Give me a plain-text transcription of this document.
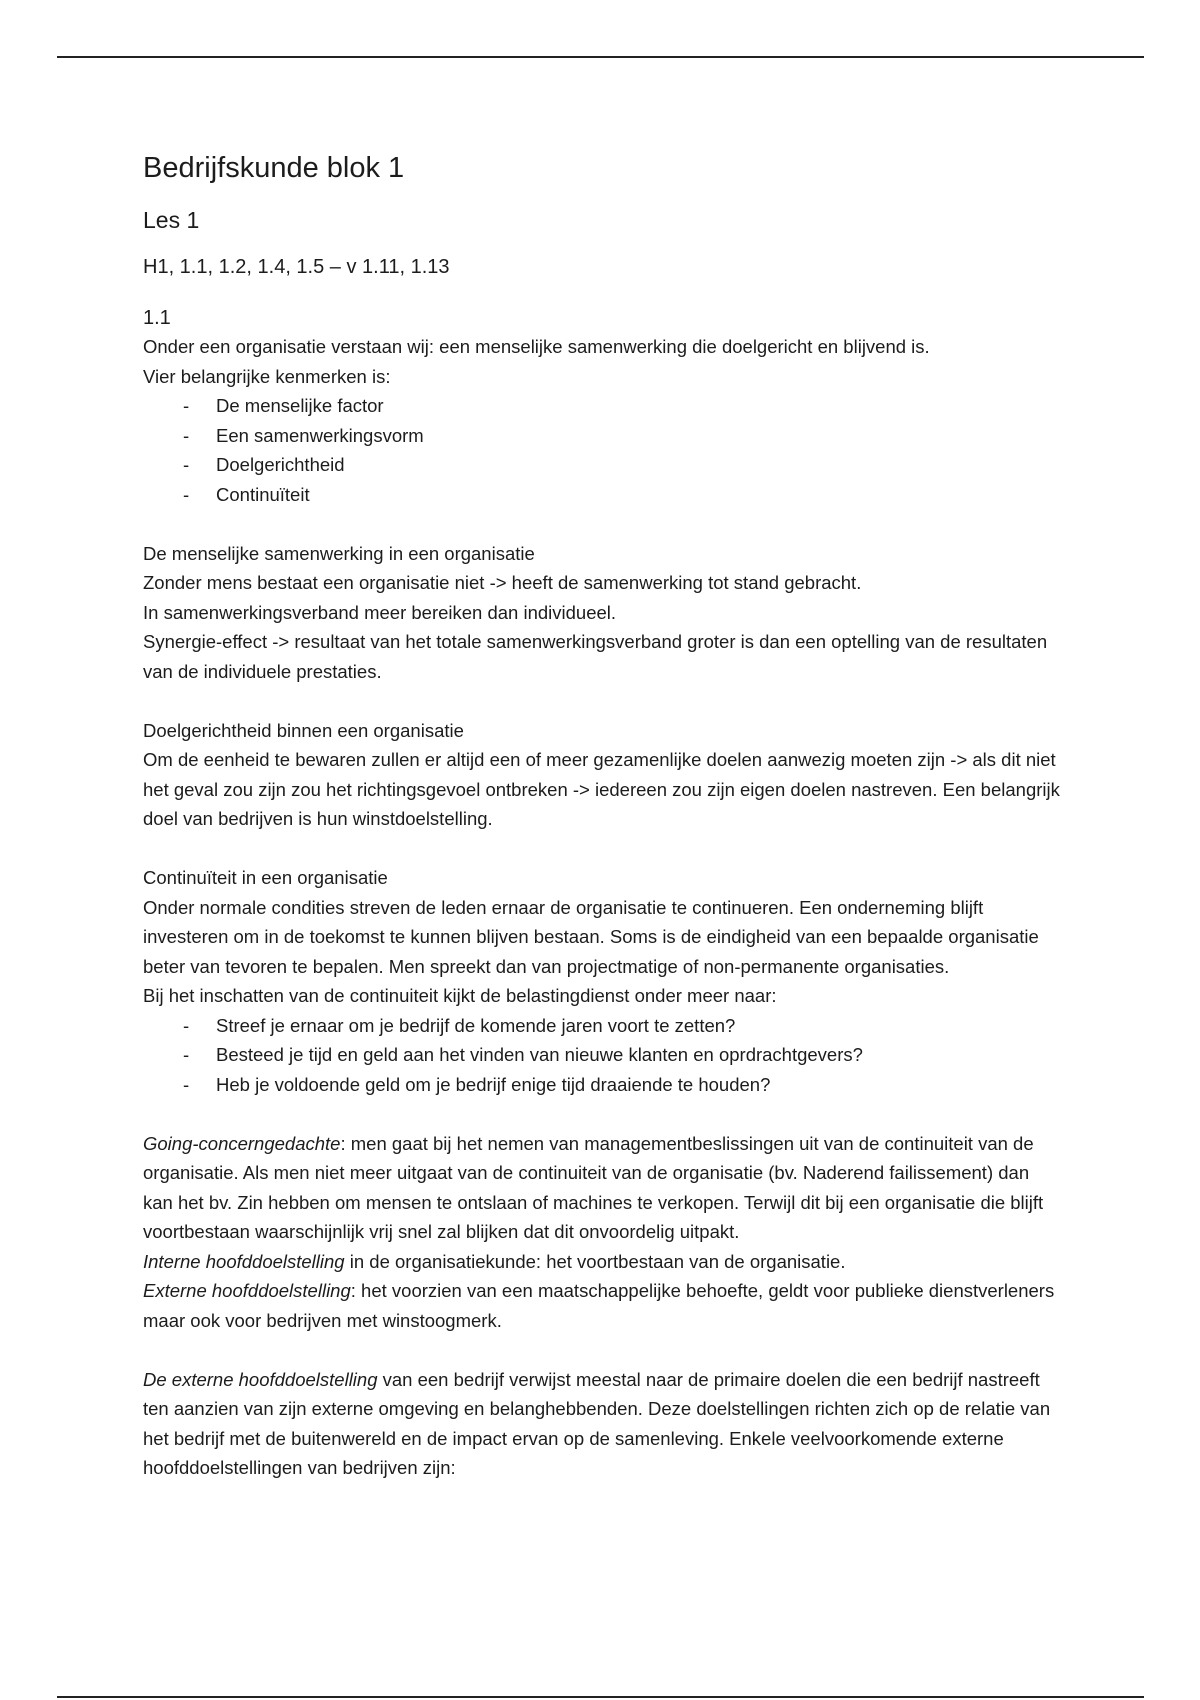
Bedrijfskunde blok 1
Les 1
H1, 1.1, 1.2, 1.4, 1.5 – v 1.11, 1.13
1.1

Onder een organisatie verstaan wij: een menselijke samenwerking die doelgericht en blijvend is.

Vier belangrijke kenmerken is:

- De menselijke factor
- Een samenwerkingsvorm
- Doelgerichtheid
- Continuïteit
De menselijke samenwerking in een organisatie

Zonder mens bestaat een organisatie niet -> heeft de samenwerking tot stand gebracht.

In samenwerkingsverband meer bereiken dan individueel.

Synergie-effect -> resultaat van het totale samenwerkingsverband groter is dan een optelling van de resultaten van de individuele prestaties.

Doelgerichtheid binnen een organisatie

Om de eenheid te bewaren zullen er altijd een of meer gezamenlijke doelen aanwezig moeten zijn -> als dit niet het geval zou zijn zou het richtingsgevoel ontbreken -> iedereen zou zijn eigen doelen nastreven. Een belangrijk doel van bedrijven is hun winstdoelstelling.

Continuïteit in een organisatie

Onder normale condities streven de leden ernaar de organisatie te continueren. Een onderneming blijft investeren om in de toekomst te kunnen blijven bestaan. Soms is de eindigheid van een bepaalde organisatie beter van tevoren te bepalen. Men spreekt dan van projectmatige of non-permanente organisaties.

Bij het inschatten van de continuiteit kijkt de belastingdienst onder meer naar:

- Streef je ernaar om je bedrijf de komende jaren voort te zetten?
- Besteed je tijd en geld aan het vinden van nieuwe klanten en oprdrachtgevers?
- Heb je voldoende geld om je bedrijf enige tijd draaiende te houden?

Going-concerngedachte: men gaat bij het nemen van managementbeslissingen uit van de continuiteit van de organisatie. Als men niet meer uitgaat van de continuiteit van de organisatie (bv. Naderend failissement) dan kan het bv. Zin hebben om mensen te ontslaan of machines te verkopen. Terwijl dit bij een organisatie die blijft voortbestaan waarschijnlijk vrij snel zal blijken dat dit onvoordelig uitpakt.

Interne hoofddoelstelling in de organisatiekunde: het voortbestaan van de organisatie.

Externe hoofddoelstelling: het voorzien van een maatschappelijke behoefte, geldt voor publieke dienstverleners maar ook voor bedrijven met winstoogmerk.

De externe hoofddoelstelling van een bedrijf verwijst meestal naar de primaire doelen die een bedrijf nastreeft ten aanzien van zijn externe omgeving en belanghebbenden. Deze doelstellingen richten zich op de relatie van het bedrijf met de buitenwereld en de impact ervan op de samenleving. Enkele veelvoorkomende externe hoofddoelstellingen van bedrijven zijn:
